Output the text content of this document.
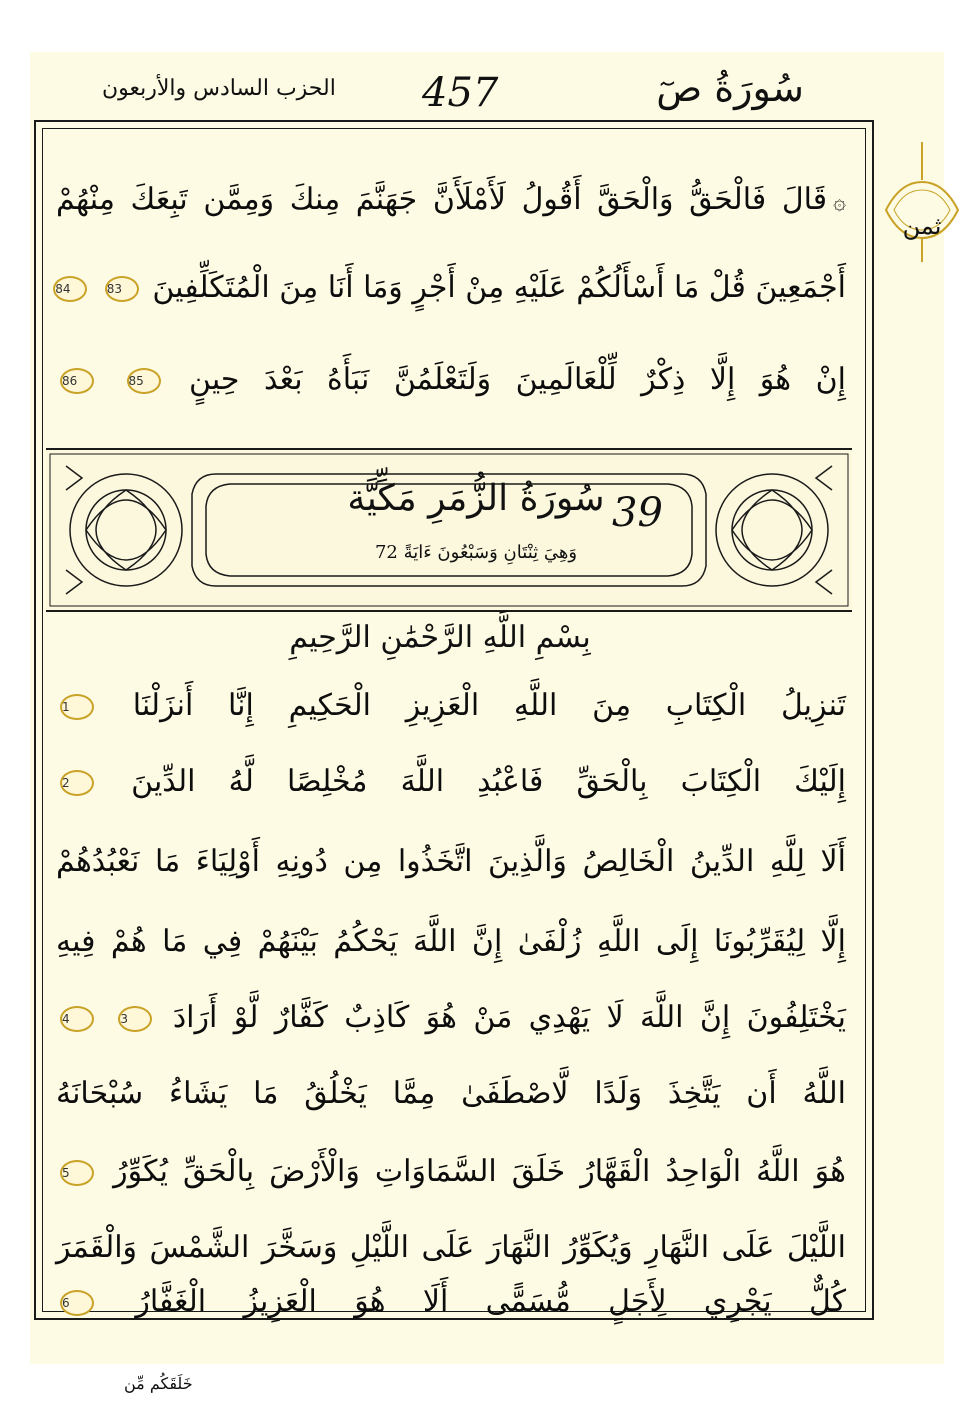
سُورَةُ صٓ
457
الحزب السادس والأربعون
ثمن
۞قَالَ فَالْحَقُّ وَالْحَقَّ أَقُولُ لَأَمْلَأَنَّ جَهَنَّمَ مِنكَ وَمِمَّن تَبِعَكَ مِنْهُمْ
أَجْمَعِينَ قُلْ مَا أَسْأَلُكُمْ عَلَيْهِ مِنْ أَجْرٍ وَمَا أَنَا مِنَ الْمُتَكَلِّفِينَ 83 84
إِنْ هُوَ إِلَّا ذِكْرٌ لِّلْعَالَمِينَ وَلَتَعْلَمُنَّ نَبَأَهُ بَعْدَ حِينٍ 85 86
سُورَةُ الزُّمَرِ مَكِّيَّة 39
وَهِيَ ثِنْتَانِ وَسَبْعُونَ ءَايَةً 72
بِسْمِ اللَّهِ الرَّحْمَٰنِ الرَّحِيمِ
تَنزِيلُ الْكِتَابِ مِنَ اللَّهِ الْعَزِيزِ الْحَكِيمِ إِنَّا أَنزَلْنَا 1
إِلَيْكَ الْكِتَابَ بِالْحَقِّ فَاعْبُدِ اللَّهَ مُخْلِصًا لَّهُ الدِّينَ 2
أَلَا لِلَّهِ الدِّينُ الْخَالِصُ وَالَّذِينَ اتَّخَذُوا مِن دُونِهِ أَوْلِيَاءَ مَا نَعْبُدُهُمْ
إِلَّا لِيُقَرِّبُونَا إِلَى اللَّهِ زُلْفَىٰ إِنَّ اللَّهَ يَحْكُمُ بَيْنَهُمْ فِي مَا هُمْ فِيهِ
يَخْتَلِفُونَ إِنَّ اللَّهَ لَا يَهْدِي مَنْ هُوَ كَاذِبٌ كَفَّارٌ لَّوْ أَرَادَ 3 4
اللَّهُ أَن يَتَّخِذَ وَلَدًا لَّاصْطَفَىٰ مِمَّا يَخْلُقُ مَا يَشَاءُ سُبْحَانَهُ
هُوَ اللَّهُ الْوَاحِدُ الْقَهَّارُ خَلَقَ السَّمَاوَاتِ وَالْأَرْضَ بِالْحَقِّ يُكَوِّرُ 5
اللَّيْلَ عَلَى النَّهَارِ وَيُكَوِّرُ النَّهَارَ عَلَى اللَّيْلِ وَسَخَّرَ الشَّمْسَ وَالْقَمَرَ
كُلٌّ يَجْرِي لِأَجَلٍ مُّسَمًّى أَلَا هُوَ الْعَزِيزُ الْغَفَّارُ 6
خَلَقَكُم مِّن
